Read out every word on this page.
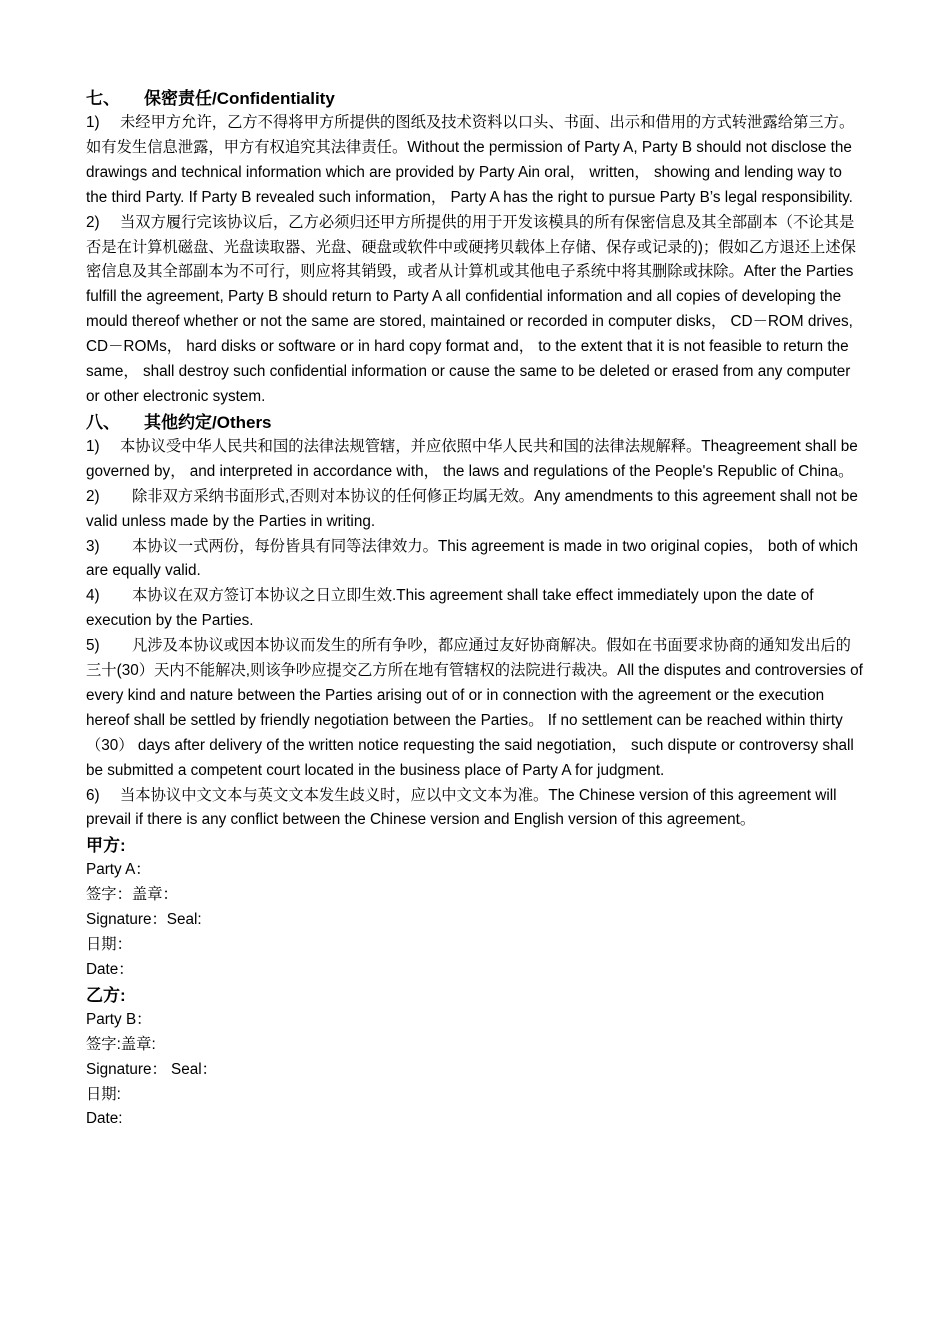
七、 保密责任/Confidentiality

1) 未经甲方允许，乙方不得将甲方所提供的图纸及技术资料以口头、书面、出示和借用的方式转泄露给第三方。如有发生信息泄露，甲方有权追究其法律责任。Without the permission of Party A, Party B should not disclose the drawings and technical information which are provided by Party Ain oral， written， showing and lending way to the third Party. If Party B revealed such information， Party A has the right to pursue Party B’s legal responsibility.

2) 当双方履行完该协议后，乙方必须归还甲方所提供的用于开发该模具的所有保密信息及其全部副本（不论其是否是在计算机磁盘、光盘读取器、光盘、硬盘或软件中或硬拷贝载体上存储、保存或记录的)；假如乙方退还上述保密信息及其全部副本为不可行，则应将其销毁，或者从计算机或其他电子系统中将其删除或抹除。After the Parties fulfill the agreement, Party B should return to Party A all confidential information and all copies of developing the mould thereof whether or not the same are stored, maintained or recorded in computer disks， CD－ROM drives, CD－ROMs， hard disks or software or in hard copy format and， to the extent that it is not feasible to return the same， shall destroy such confidential information or cause the same to be deleted or erased from any computer or other electronic system.

八、 其他约定/Others

1) 本协议受中华人民共和国的法律法规管辖，并应依照中华人民共和国的法律法规解释。Theagreement shall be governed by， and interpreted in accordance with， the laws and regulations of the People's Republic of China。

2) 除非双方采纳书面形式,否则对本协议的任何修正均属无效。Any amendments to this agreement shall not be valid unless made by the Parties in writing.

3) 本协议一式两份，每份皆具有同等法律效力。This agreement is made in two original copies， both of which are equally valid.

4) 本协议在双方签订本协议之日立即生效.This agreement shall take effect immediately upon the date of execution by the Parties.

5) 凡涉及本协议或因本协议而发生的所有争吵，都应通过友好协商解决。假如在书面要求协商的通知发出后的三十(30）天内不能解决,则该争吵应提交乙方所在地有管辖权的法院进行裁决。All the disputes and controversies of every kind and nature between the Parties arising out of or in connection with the agreement or the execution hereof shall be settled by friendly negotiation between the Parties。 If no settlement can be reached within thirty（30） days after delivery of the written notice requesting the said negotiation， such dispute or controversy shall be submitted a competent court located in the business place of Party A for judgment.

6) 当本协议中文文本与英文文本发生歧义时，应以中文文本为准。The Chinese version of this agreement will prevail if there is any conflict between the Chinese version and English version of this agreement。

甲方:
Party A：
签字：盖章：
Signature：Seal:
日期：
Date：
乙方:
Party B：
签字:盖章:
Signature： Seal：
日期:
Date:
